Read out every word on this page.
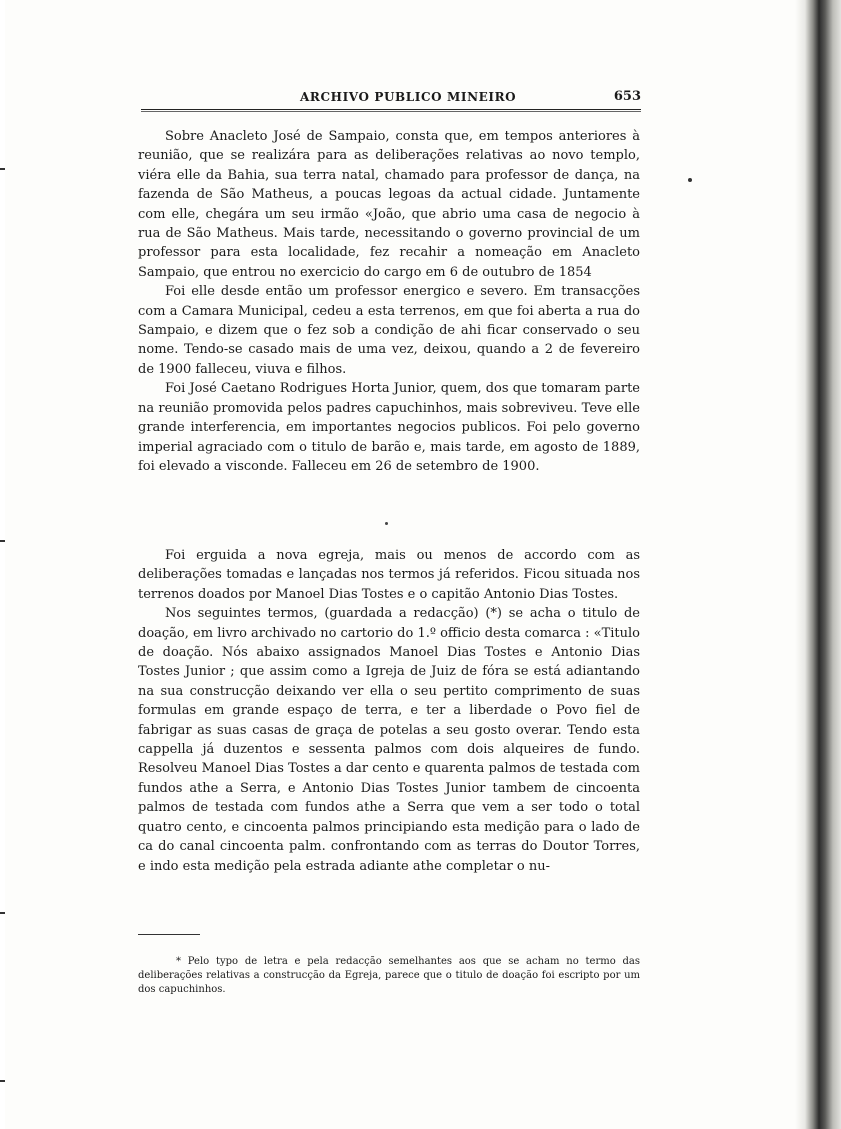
ARCHIVO PUBLICO MINEIRO	653

Sobre Anacleto José de Sampaio, consta que, em tempos anteriores à reunião, que se realizára para as deliberações relativas ao novo templo, viéra elle da Bahia, sua terra natal, chamado para professor de dança, na fazenda de São Matheus, a poucas legoas da actual cidade. Juntamente com elle, chegára um seu irmão «João, que abrio uma casa de negocio à rua de São Matheus. Mais tarde, necessitando o governo provincial de um professor para esta localidade, fez recahir a nomeação em Anacleto Sampaio, que entrou no exercicio do cargo em 6 de outubro de 1854

Foi elle desde então um professor energico e severo. Em transacções com a Camara Municipal, cedeu a esta terrenos, em que foi aberta a rua do Sampaio, e dizem que o fez sob a condição de ahi ficar conservado o seu nome. Tendo-se casado mais de uma vez, deixou, quando a 2 de fevereiro de 1900 falleceu, viuva e filhos.

Foi José Caetano Rodrigues Horta Junior, quem, dos que tomaram parte na reunião promovida pelos padres capuchinhos, mais sobreviveu. Teve elle grande interferencia, em importantes negocios publicos. Foi pelo governo imperial agraciado com o titulo de barão e, mais tarde, em agosto de 1889, foi elevado a visconde. Falleceu em 26 de setembro de 1900.

Foi erguida a nova egreja, mais ou menos de accordo com as deliberações tomadas e lançadas nos termos já referidos. Ficou situada nos terrenos doados por Manoel Dias Tostes e o capitão Antonio Dias Tostes.

Nos seguintes termos, (guardada a redacção) (*) se acha o titulo de doação, em livro archivado no cartorio do 1.º officio desta comarca : «Titulo de doação. Nós abaixo assignados Manoel Dias Tostes e Antonio Dias Tostes Junior ; que assim como a Igreja de Juiz de fóra se está adiantando na sua construcção deixando ver ella o seu pertito comprimento de suas formulas em grande espaço de terra, e ter a liberdade o Povo fiel de fabrigar as suas casas de graça de potelas a seu gosto overar. Tendo esta cappella já duzentos e sessenta palmos com dois alqueires de fundo. Resolveu Manoel Dias Tostes a dar cento e quarenta palmos de testada com fundos athe a Serra, e Antonio Dias Tostes Junior tambem de cincoenta palmos de testada com fundos athe a Serra que vem a ser todo o total quatro cento, e cincoenta palmos principiando esta medição para o lado de ca do canal cincoenta palm. confrontando com as terras do Doutor Torres, e indo esta medição pela estrada adiante athe completar o nu-

* Pelo typo de letra e pela redacção semelhantes aos que se acham no termo das deliberações relativas a construcção da Egreja, parece que o titulo de doação foi escripto por um dos capuchinhos.
